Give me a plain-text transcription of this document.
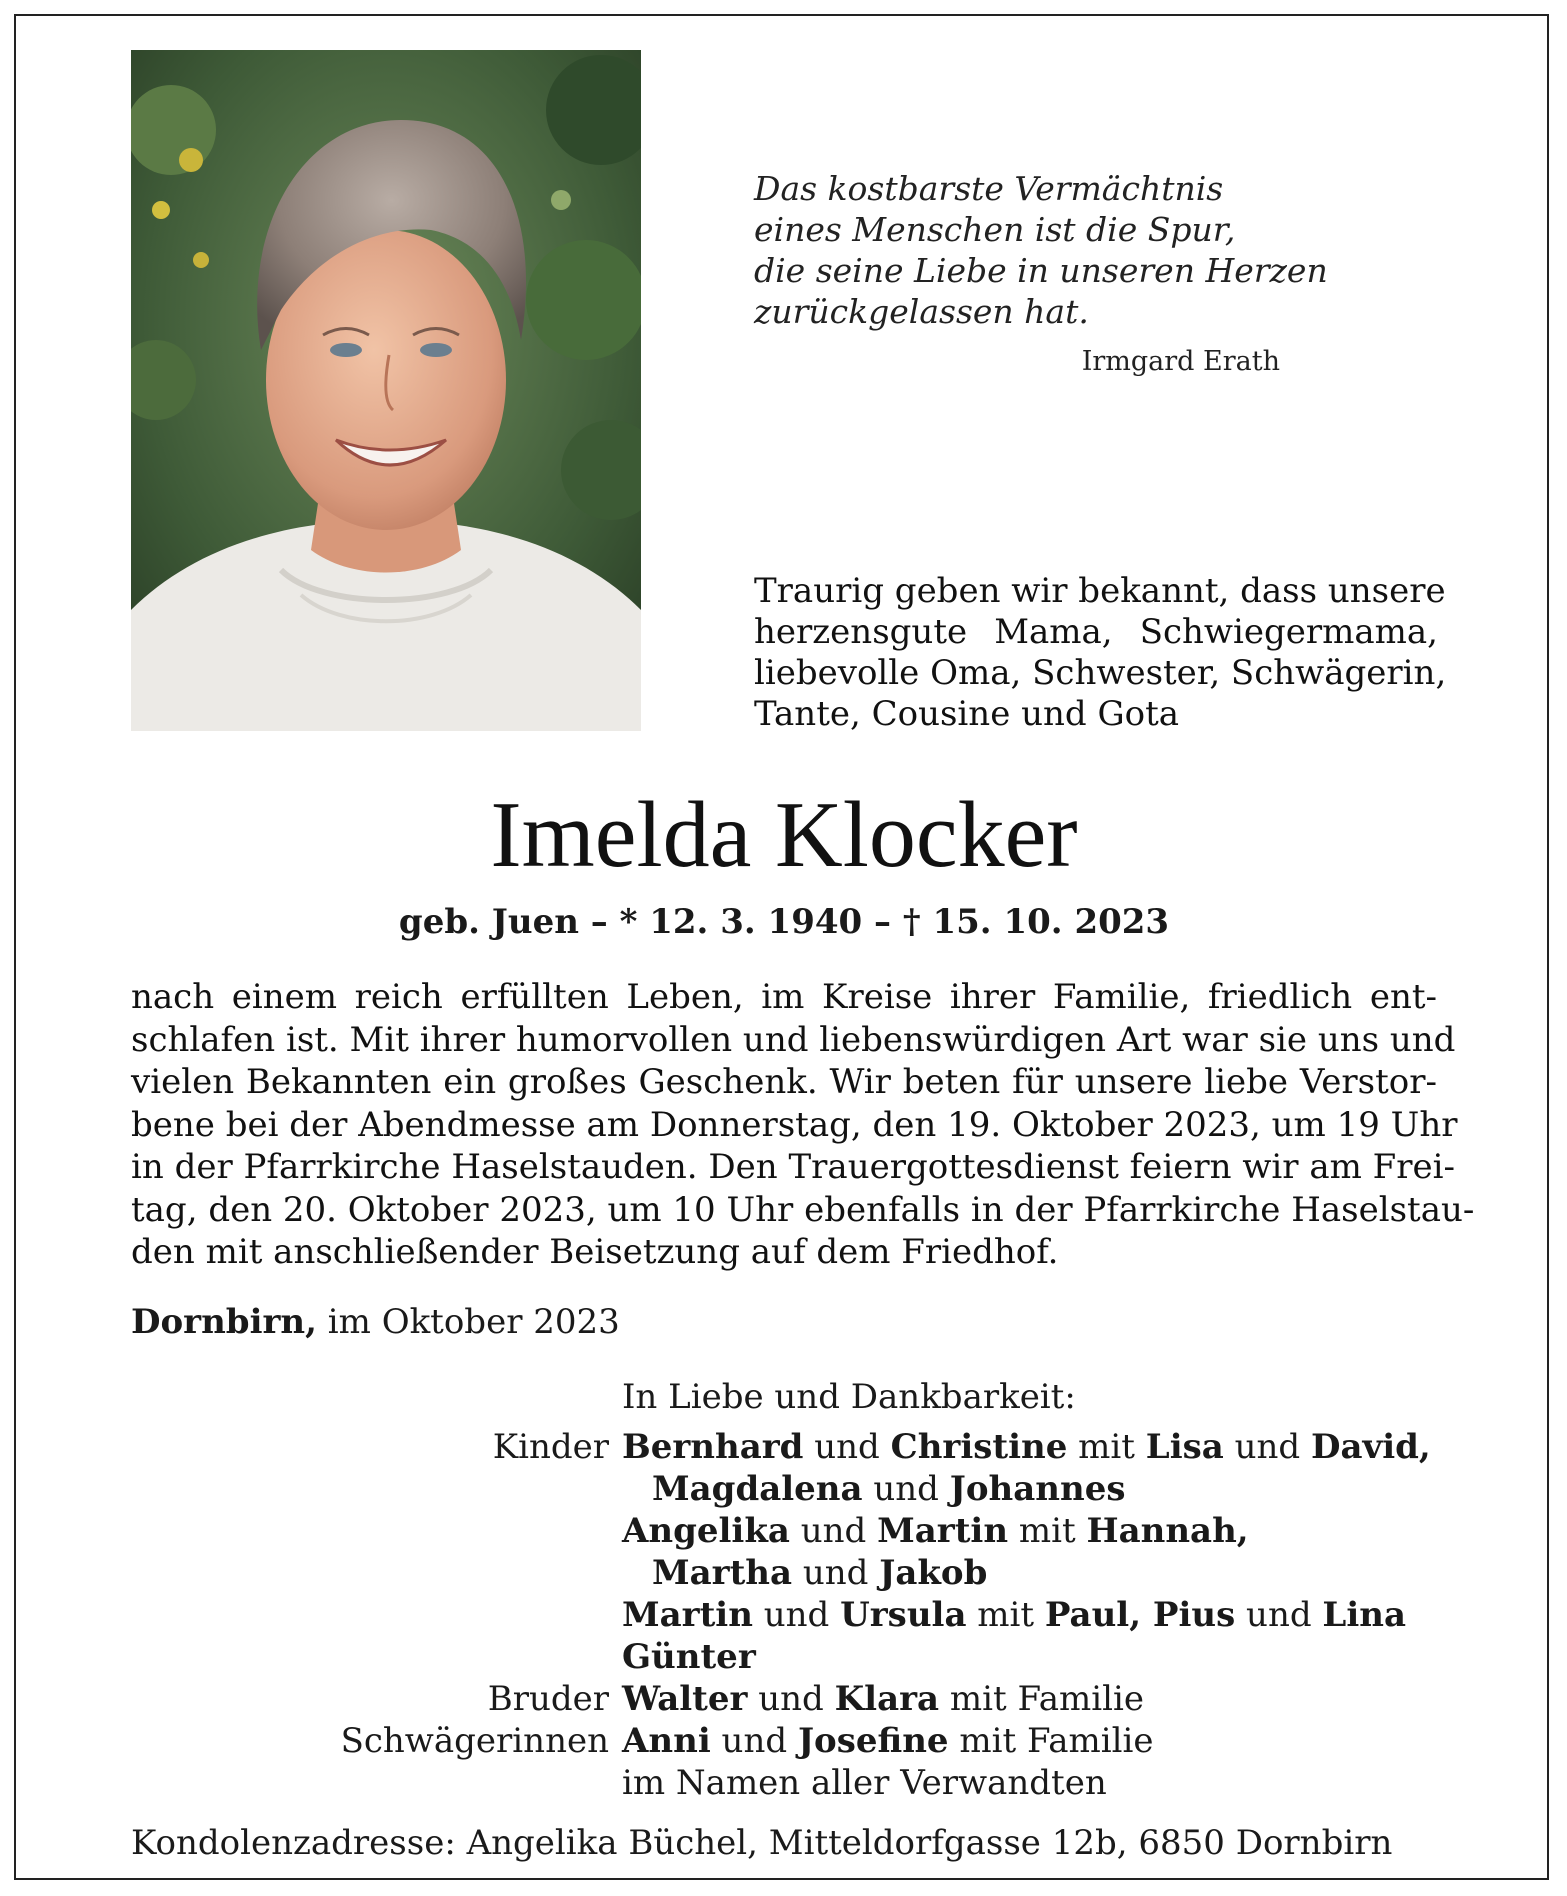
Das kostbarste Vermächtnis
eines Menschen ist die Spur,
die seine Liebe in unseren Herzen
zurückgelassen hat.
Irmgard Erath
Traurig geben wir bekannt, dass unsere
herzensgute Mama, Schwiegermama,
liebevolle Oma, Schwester, Schwägerin,
Tante, Cousine und Gota
Imelda Klocker
geb. Juen – * 12. 3. 1940 – † 15. 10. 2023
nach einem reich erfüllten Leben, im Kreise ihrer Familie, friedlich ent-
schlafen ist. Mit ihrer humorvollen und liebenswürdigen Art war sie uns und
vielen Bekannten ein großes Geschenk. Wir beten für unsere liebe Verstor-
bene bei der Abendmesse am Donnerstag, den 19. Oktober 2023, um 19 Uhr
in der Pfarrkirche Haselstauden. Den Trauergottesdienst feiern wir am Frei-
tag, den 20. Oktober 2023, um 10 Uhr ebenfalls in der Pfarrkirche Haselstau-
den mit anschließender Beisetzung auf dem Friedhof.
Dornbirn, im Oktober 2023
In Liebe und Dankbarkeit:
Kinder Bernhard und Christine mit Lisa und David,
Magdalena und Johannes
Angelika und Martin mit Hannah,
Martha und Jakob
Martin und Ursula mit Paul, Pius und Lina
Günter
Bruder Walter und Klara mit Familie
Schwägerinnen Anni und Josefine mit Familie
im Namen aller Verwandten
Kondolenzadresse: Angelika Büchel, Mitteldorfgasse 12b, 6850 Dornbirn
